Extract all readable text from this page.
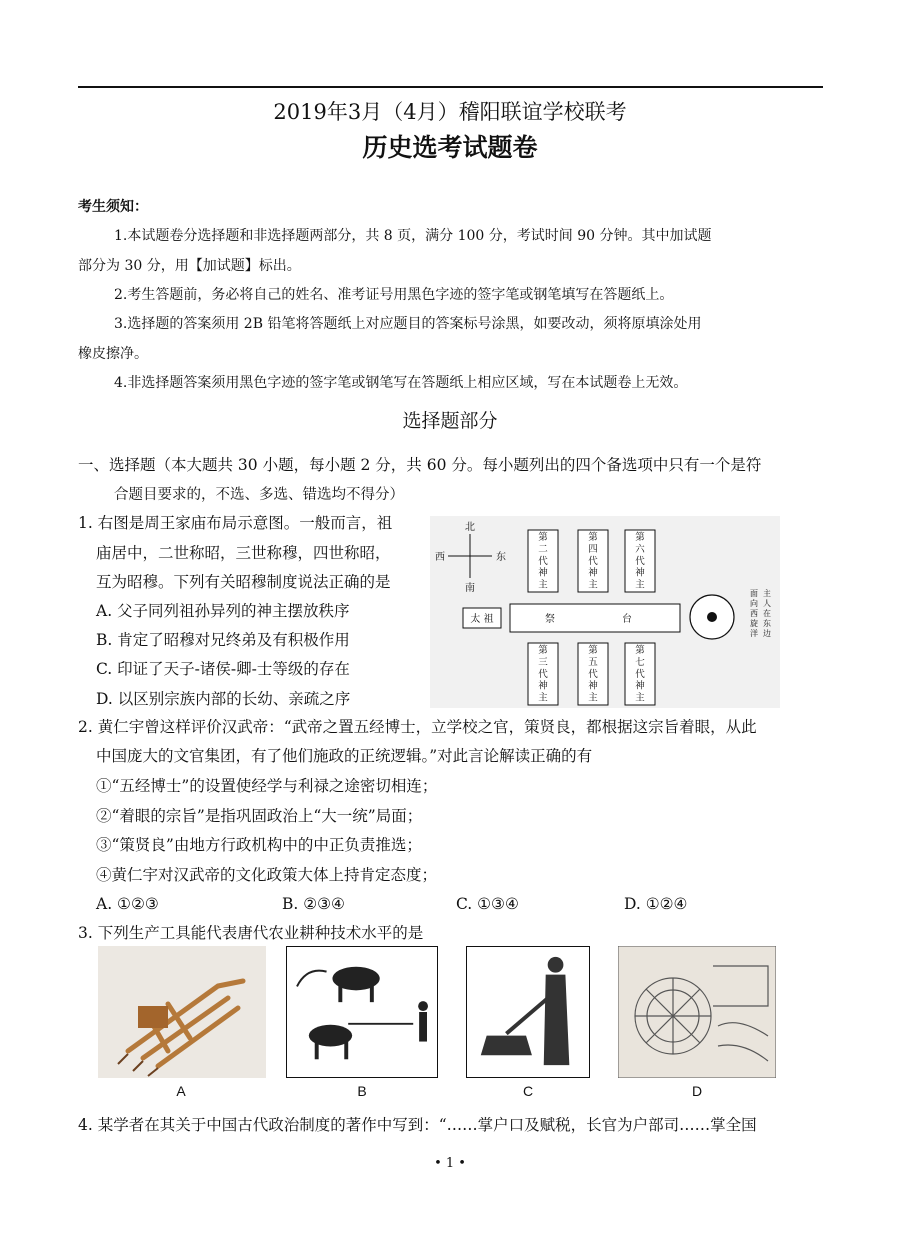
2019年3月（4月）稽阳联谊学校联考
历史选考试题卷
考生须知：
1.本试题卷分选择题和非选择题两部分，共 8 页，满分 100 分，考试时间 90 分钟。其中加试题
部分为 30 分，用【加试题】标出。
2.考生答题前，务必将自己的姓名、准考证号用黑色字迹的签字笔或钢笔填写在答题纸上。
3.选择题的答案须用 2B 铅笔将答题纸上对应题目的答案标号涂黑，如要改动，须将原填涂处用
橡皮擦净。
4.非选择题答案须用黑色字迹的签字笔或钢笔写在答题纸上相应区域，写在本试题卷上无效。
选择题部分
一、选择题（本大题共 30 小题，每小题 2 分，共 60 分。每小题列出的四个备选项中只有一个是符
合题目要求的，不选、多选、错选均不得分）
1. 右图是周王家庙布局示意图。一般而言，祖
庙居中，二世称昭，三世称穆，四世称昭，
互为昭穆。下列有关昭穆制度说法正确的是
A. 父子同列祖孙异列的神主摆放秩序
B. 肯定了昭穆对兄终弟及有积极作用
C. 印证了天子-诸侯-卿-士等级的存在
D. 以区别宗族内部的长幼、亲疏之序
北
南
西	东
第二代神主
第四代神主
第六代神主
太 祖	祭	台
第三代神主
第五代神主
第七代神主
主人在东边
面向西旋洋
2. 黄仁宇曾这样评价汉武帝：“武帝之置五经博士，立学校之官，策贤良，都根据这宗旨着眼，从此
中国庞大的文官集团，有了他们施政的正统逻辑。”对此言论解读正确的有
①“五经博士”的设置使经学与利禄之途密切相连；
②“着眼的宗旨”是指巩固政治上“大一统”局面；
③“策贤良”由地方行政机构中的中正负责推选；
④黄仁宇对汉武帝的文化政策大体上持肯定态度；
A. ①②③	B. ②③④	C. ①③④	D. ①②④
3. 下列生产工具能代表唐代农业耕种技术水平的是
A	B	C	D
4. 某学者在其关于中国古代政治制度的著作中写到：“……掌户口及赋税，长官为户部司……掌全国
• 1 •
